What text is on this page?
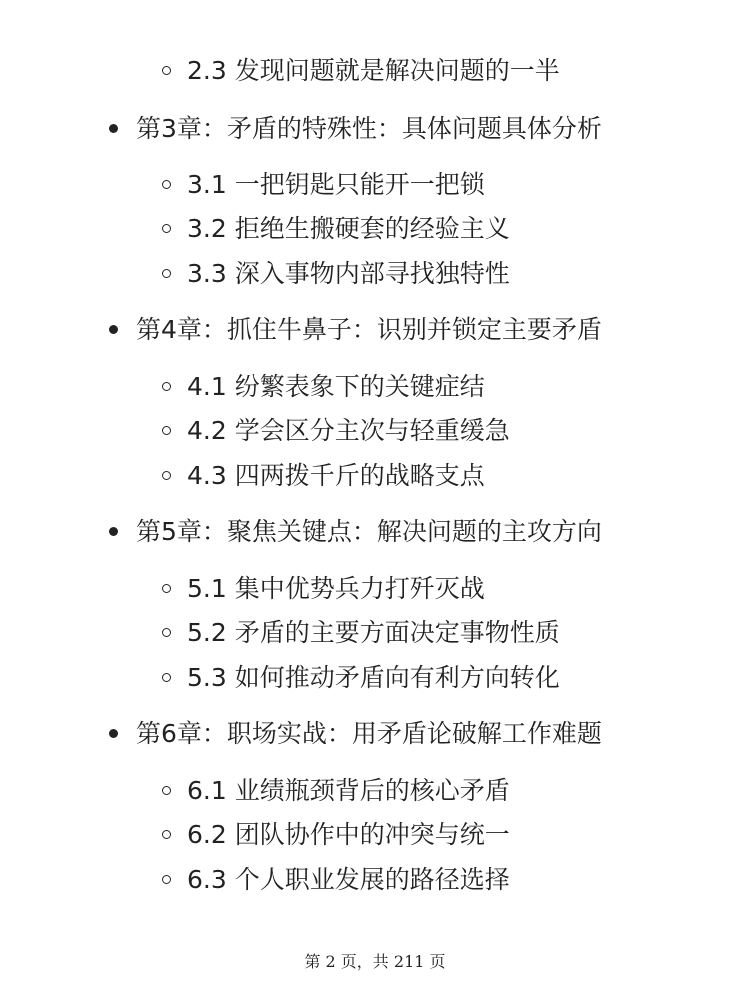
2.3 发现问题就是解决问题的一半
第3章：矛盾的特殊性：具体问题具体分析
3.1 一把钥匙只能开一把锁
3.2 拒绝生搬硬套的经验主义
3.3 深入事物内部寻找独特性
第4章：抓住牛鼻子：识别并锁定主要矛盾
4.1 纷繁表象下的关键症结
4.2 学会区分主次与轻重缓急
4.3 四两拨千斤的战略支点
第5章：聚焦关键点：解决问题的主攻方向
5.1 集中优势兵力打歼灭战
5.2 矛盾的主要方面决定事物性质
5.3 如何推动矛盾向有利方向转化
第6章：职场实战：用矛盾论破解工作难题
6.1 业绩瓶颈背后的核心矛盾
6.2 团队协作中的冲突与统一
6.3 个人职业发展的路径选择
第 2 页，共 211 页
